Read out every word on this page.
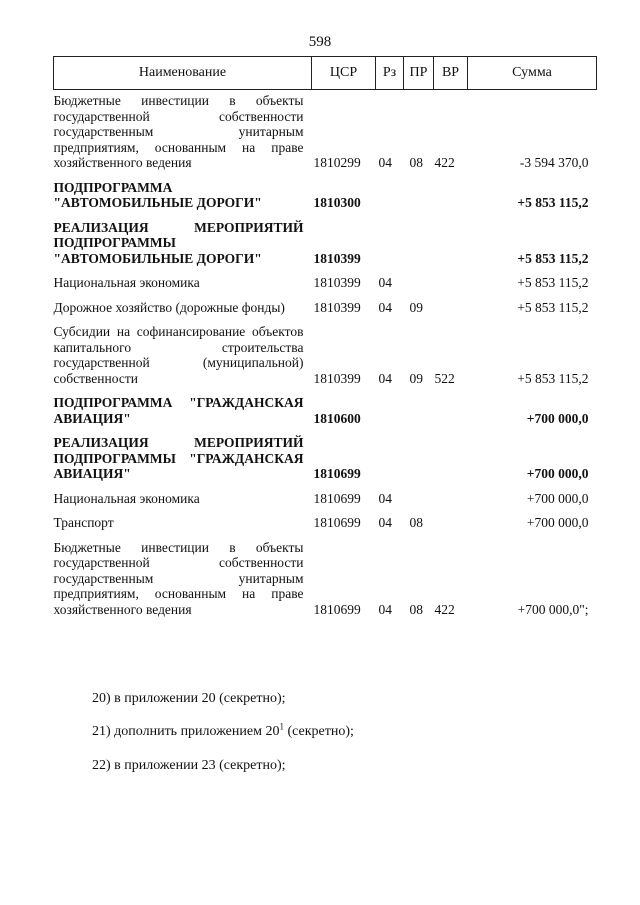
598
Наименование	ЦСР	Рз	ПР	ВР	Сумма
Бюджетные инвестиции в объекты государственной собственности государственным унитарным предприятиям, основанным на праве хозяйственного ведения	1810299	04	08	422	-3 594 370,0
ПОДПРОГРАММА "АВТОМОБИЛЬНЫЕ ДОРОГИ"	1810300				+5 853 115,2
РЕАЛИЗАЦИЯ МЕРОПРИЯТИЙ ПОДПРОГРАММЫ "АВТОМОБИЛЬНЫЕ ДОРОГИ"	1810399				+5 853 115,2
Национальная экономика	1810399	04			+5 853 115,2
Дорожное хозяйство (дорожные фонды)	1810399	04	09		+5 853 115,2
Субсидии на софинансирование объектов капитального строительства государственной (муниципальной) собственности	1810399	04	09	522	+5 853 115,2
ПОДПРОГРАММА "ГРАЖДАНСКАЯ АВИАЦИЯ"	1810600				+700 000,0
РЕАЛИЗАЦИЯ МЕРОПРИЯТИЙ ПОДПРОГРАММЫ "ГРАЖДАНСКАЯ АВИАЦИЯ"	1810699				+700 000,0
Национальная экономика	1810699	04			+700 000,0
Транспорт	1810699	04	08		+700 000,0
Бюджетные инвестиции в объекты государственной собственности государственным унитарным предприятиям, основанным на праве хозяйственного ведения	1810699	04	08	422	+700 000,0";
20) в приложении 20 (секретно);
21) дополнить приложением $20^1$ (секретно);
22) в приложении 23 (секретно);
